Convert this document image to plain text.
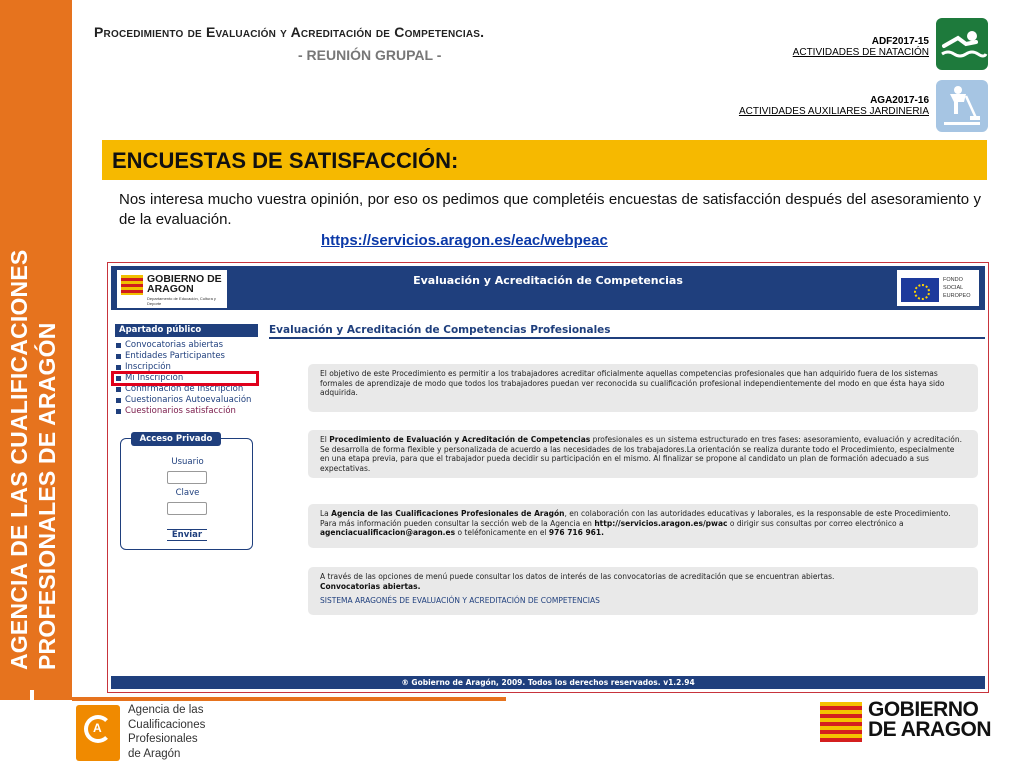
AGENCIA DE LAS CUALIFICACIONES PROFESIONALES DE ARAGÓN
Procedimiento de Evaluación y Acreditación de Competencias.
- REUNIÓN GRUPAL -
ADF2017-15
ACTIVIDADES DE NATACIÓN
AGA2017-16
ACTIVIDADES AUXILIARES JARDINERIA
ENCUESTAS DE SATISFACCIÓN:
Nos interesa mucho vuestra opinión, por eso os pedimos que completéis encuestas de satisfacción después del asesoramiento y de la evaluación.
https://servicios.aragon.es/eac/webpeac
GOBIERNO DE ARAGON
Departamento de Educación, Cultura y Deporte
Evaluación y Acreditación de Competencias	FONDO
SOCIAL
EUROPEO
Apartado público
Convocatorias abiertas
Entidades Participantes
Inscripción
Mi Inscripción
Confirmación de Inscripción
Cuestionarios Autoevaluación
Cuestionarios satisfacción
Acceso Privado
Usuario
Clave
Enviar
Evaluación y Acreditación de Competencias Profesionales
El objetivo de este Procedimiento es permitir a los trabajadores acreditar oficialmente aquellas competencias profesionales que han adquirido fuera de los sistemas formales de aprendizaje de modo que todos los trabajadores puedan ver reconocida su cualificación profesional independientemente del modo en que ésta haya sido adquirida.
El Procedimiento de Evaluación y Acreditación de Competencias profesionales es un sistema estructurado en tres fases: asesoramiento, evaluación y acreditación. Se desarrolla de forma flexible y personalizada de acuerdo a las necesidades de los trabajadores.La orientación se realiza durante todo el Procedimiento, especialmente en una etapa previa, para que el trabajador pueda decidir su participación en el mismo. Al finalizar se propone al candidato un plan de formación adecuado a sus expectativas.
La Agencia de las Cualificaciones Profesionales de Aragón, en colaboración con las autoridades educativas y laborales, es la responsable de este Procedimiento. Para más información pueden consultar la sección web de la Agencia en http://servicios.aragon.es/pwac o dirigir sus consultas por correo electrónico a agenciacualificacion@aragon.es o teléfonicamente en el 976 716 961.
A través de las opciones de menú puede consultar los datos de interés de las convocatorias de acreditación que se encuentran abiertas.
Convocatorias abiertas.
SISTEMA ARAGONÉS DE EVALUACIÓN Y ACREDITACIÓN DE COMPETENCIAS
® Gobierno de Aragón, 2009. Todos los derechos reservados. v1.2.94
A
Agencia de las
Cualificaciones
Profesionales
de Aragón
GOBIERNO
DE ARAGON
